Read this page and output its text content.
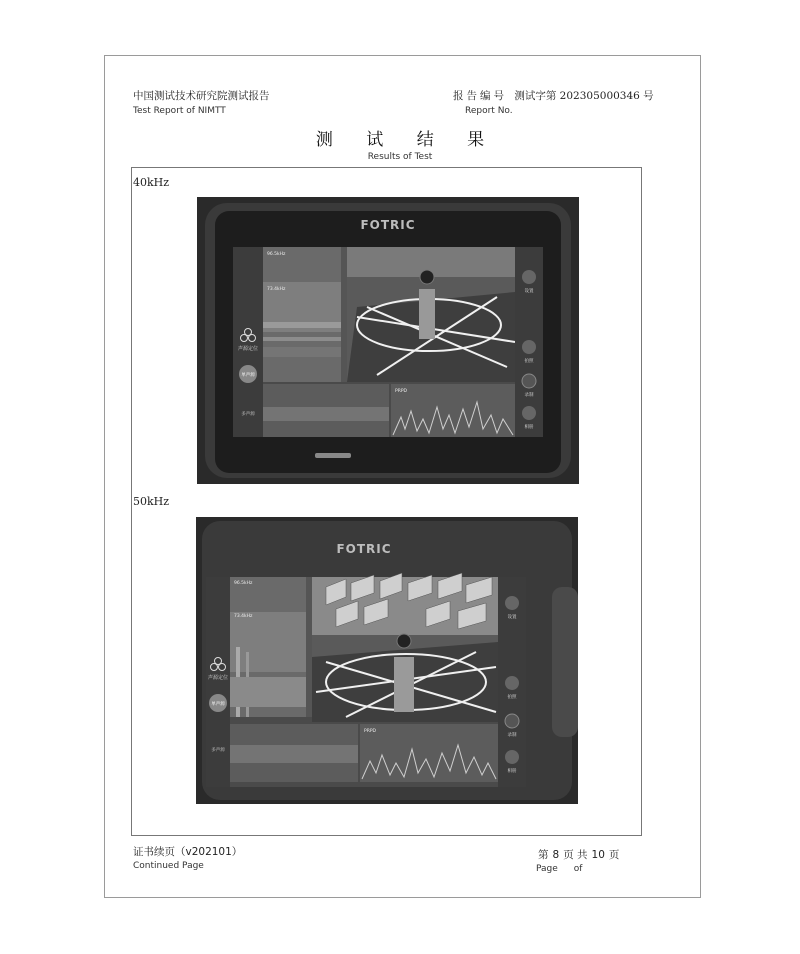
中国测试技术研究院测试报告
Test Report of NIMTT
报告编号 测试字第 202305000346 号
Report No.
测 试 结 果
Results of Test
40kHz
FOTRIC
声源定位
单声源
多声源
96.5kHz
73.4kHz	设置
拍照
录制
相册
PRPD
50kHz
FOTRIC
声源定位
单声源
多声源
96.5kHz
73.4kHz	设置
拍照
录制
相册
PRPD
证书续页（v202101）
Continued Page
第 8 页 共 10 页
Page of
